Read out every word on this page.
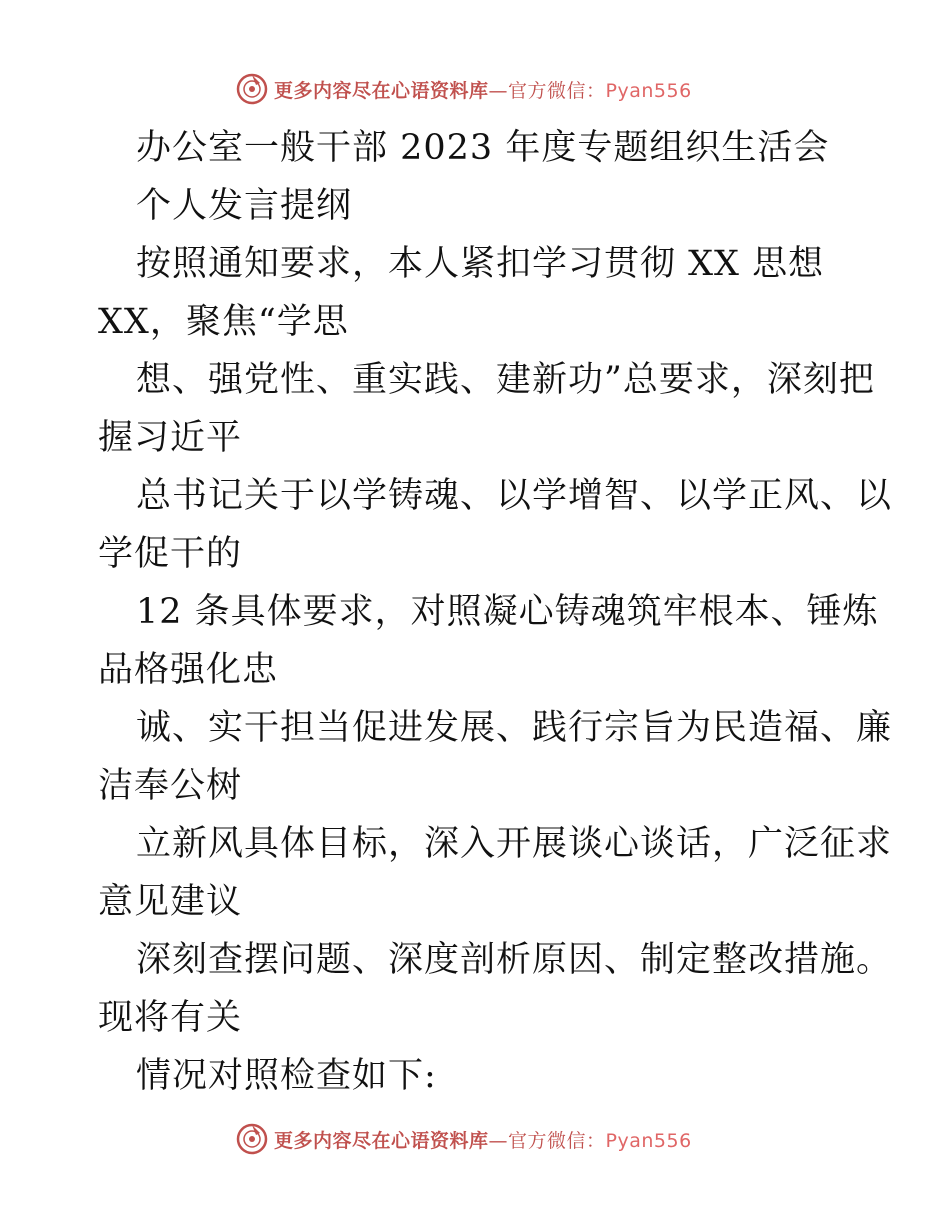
更多内容尽在心语资料库—官方微信：Pyan556
办公室一般干部 2023 年度专题组织生活会
个人发言提纲
按照通知要求，本人紧扣学习贯彻 XX 思想
XX，聚焦“学思
想、强党性、重实践、建新功”总要求，深刻把
握习近平
总书记关于以学铸魂、以学增智、以学正风、以
学促干的
12 条具体要求，对照凝心铸魂筑牢根本、锤炼
品格强化忠
诚、实干担当促进发展、践行宗旨为民造福、廉
洁奉公树
立新风具体目标，深入开展谈心谈话，广泛征求
意见建议
深刻查摆问题、深度剖析原因、制定整改措施。
现将有关
情况对照检查如下:
更多内容尽在心语资料库—官方微信：Pyan556
